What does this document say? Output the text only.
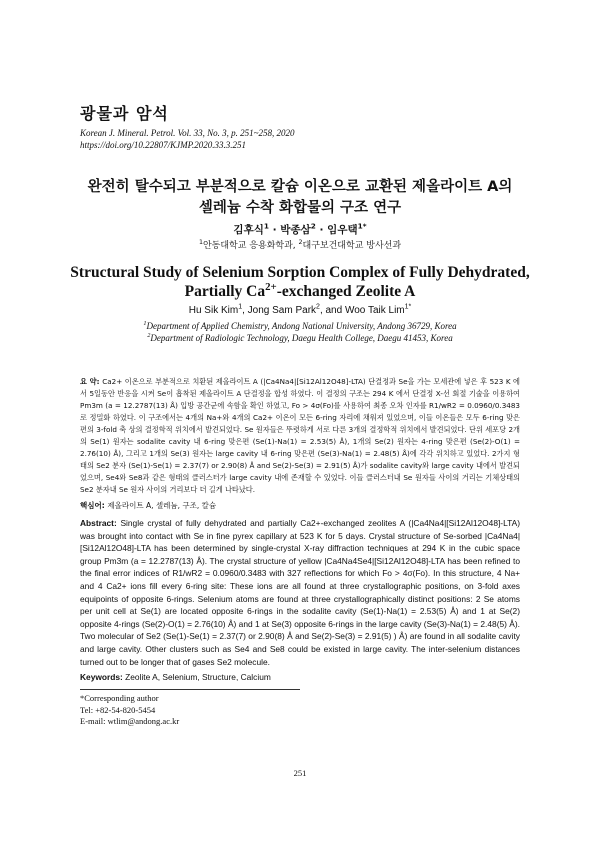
광물과 암석
Korean J. Mineral. Petrol. Vol. 33, No. 3, p. 251~258, 2020
https://doi.org/10.22807/KJMP.2020.33.3.251
완전히 탈수되고 부분적으로 칼슘 이온으로 교환된 제올라이트 A의
셀레늄 수착 화합물의 구조 연구
김후식$^1$ · 박종삼$^2$ · 임우택$^{1*}$
$^1$안동대학교 응용화학과, $^2$대구보건대학교 방사선과
Structural Study of Selenium Sorption Complex of Fully Dehydrated,
Partially $Ca^{2+}$-exchanged Zeolite A
Hu Sik Kim$^1$, Jong Sam Park$^2$, and Woo Taik Lim$^{1*}$
$^1$Department of Applied Chemistry, Andong National University, Andong 36729, Korea
$^2$Department of Radiologic Technology, Daegu Health College, Daegu 41453, Korea
요 약: Ca2+ 이온으로 부분적으로 치환된 제올라이트 A (|Ca4Na4|[Si12Al12O48]-LTA) 단결정과 Se을 가는 모세관에 넣은 후 523 K 에서 5일동안 반응을 시켜 Se이 흡착된 제올라이트 A 단결정을 합성 하였다. 이 결정의 구조는 294 K 에서 단결정 X-선 회절 기술을 이용하여 Pm3m (a = 12.2787(13) Å) 입방 공간군에 속함을 확인 하였고, Fo > 4σ(Fo)를 사용하여 최종 오차 인자를 R1/wR2 = 0.0960/0.3483로 정밀화 하였다. 이 구조에서는 4개의 Na+와 4개의 Ca2+ 이온이 모든 6-ring 자리에 채워져 있었으며, 이들 이온들은 모두 6-ring 맞은편의 3-fold 축 상의 결정학적 위치에서 발견되었다. Se 원자들은 뚜렷하게 서로 다른 3개의 결정학적 위치에서 발견되었다. 단위 세포당 2개의 Se(1) 원자는 sodalite cavity 내 6-ring 맞은편 (Se(1)-Na(1) = 2.53(5) Å), 1개의 Se(2) 원자는 4-ring 맞은편 (Se(2)-O(1) = 2.76(10) Å), 그리고 1개의 Se(3) 원자는 large cavity 내 6-ring 맞은편 (Se(3)-Na(1) = 2.48(5) Å)에 각각 위치하고 있었다. 2가지 형태의 Se2 분자 (Se(1)-Se(1) = 2.37(7) or 2.90(8) Å and Se(2)-Se(3) = 2.91(5) Å)가 sodalite cavity와 large cavity 내에서 발견되었으며, Se4와 Se8과 같은 형태의 클러스터가 large cavity 내에 존재할 수 있었다. 이들 클러스터내 Se 원자들 사이의 거리는 기체상태의 Se2 분자내 Se 원자 사이의 거리보다 더 길게 나타났다.
핵심어: 제올라이트 A, 셀레늄, 구조, 칼슘
Abstract: Single crystal of fully dehydrated and partially Ca2+-exchanged zeolites A (|Ca4Na4|[Si12Al12O48]-LTA) was brought into contact with Se in fine pyrex capillary at 523 K for 5 days. Crystal structure of Se-sorbed |Ca4Na4|[Si12Al12O48]-LTA has been determined by single-crystal X-ray diffraction techniques at 294 K in the cubic space group Pm3m (a = 12.2787(13) Å). The crystal structure of yellow |Ca4Na4Se4|[Si12Al12O48]-LTA has been refined to the final error indices of R1/wR2 = 0.0960/0.3483 with 327 reflections for which Fo > 4σ(Fo). In this structure, 4 Na+ and 4 Ca2+ ions fill every 6-ring site: These ions are all found at three crystallographic positions, on 3-fold axes equipoints of opposite 6-rings. Selenium atoms are found at three crystallographically distinct positions: 2 Se atoms per unit cell at Se(1) are located opposite 6-rings in the sodalite cavity (Se(1)-Na(1) = 2.53(5) Å) and 1 at Se(2) opposite 4-rings (Se(2)-O(1) = 2.76(10) Å) and 1 at Se(3) opposite 6-rings in the large cavity (Se(3)-Na(1) = 2.48(5) Å). Two molecular of Se2 (Se(1)-Se(1) = 2.37(7) or 2.90(8) Å and Se(2)-Se(3) = 2.91(5) ) Å) are found in all sodalite cavity and large cavity. Other clusters such as Se4 and Se8 could be existed in large cavity. The inter-selenium distances turned out to be longer that of gases Se2 molecule.
Keywords: Zeolite A, Selenium, Structure, Calcium
*Corresponding author
Tel: +82-54-820-5454
E-mail: wtlim@andong.ac.kr
251
